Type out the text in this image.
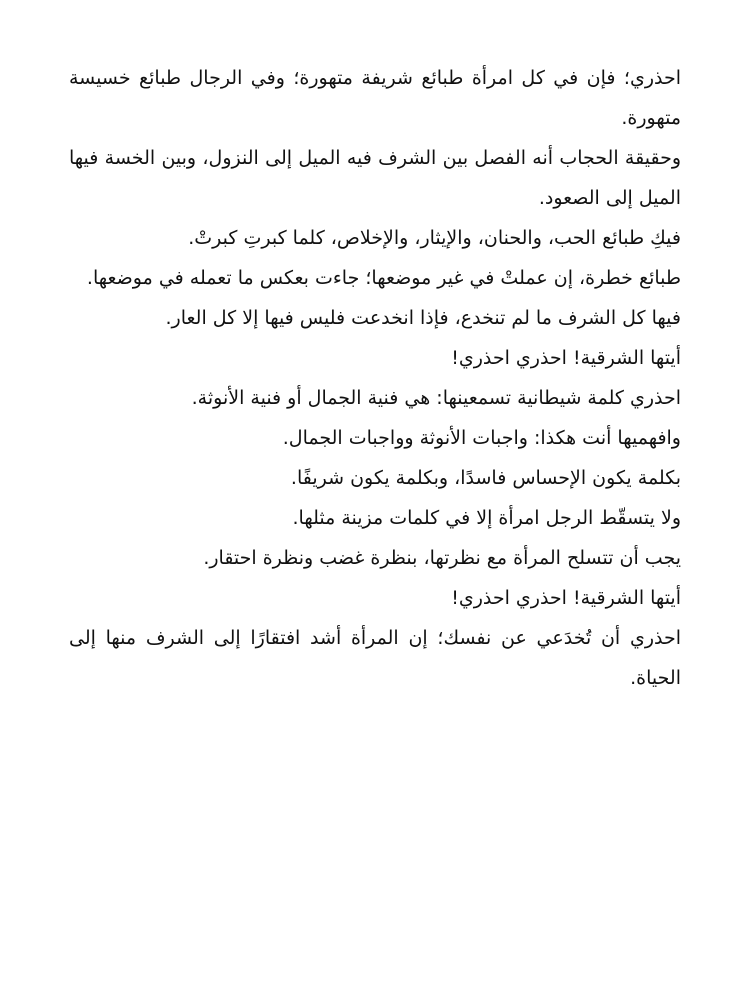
احذري؛ فإن في كل امرأة طبائع شريفة متهورة؛ وفي الرجال طبائع خسيسة متهورة.

وحقيقة الحجاب أنه الفصل بين الشرف فيه الميل إلى النزول، وبين الخسة فيها الميل إلى الصعود.

فيكِ طبائع الحب، والحنان، والإيثار، والإخلاص، كلما كبرتِ كبرتْ.

طبائع خطرة، إن عملتْ في غير موضعها؛ جاءت بعكس ما تعمله في موضعها.

فيها كل الشرف ما لم تنخدع، فإذا انخدعت فليس فيها إلا كل العار.

أيتها الشرقية! احذري احذري!

احذري كلمة شيطانية تسمعينها: هي فنية الجمال أو فنية الأنوثة.

وافهميها أنت هكذا: واجبات الأنوثة وواجبات الجمال.

بكلمة يكون الإحساس فاسدًا، وبكلمة يكون شريفًا.

ولا يتسقّط الرجل امرأة إلا في كلمات مزينة مثلها.

يجب أن تتسلح المرأة مع نظرتها، بنظرة غضب ونظرة احتقار.

أيتها الشرقية! احذري احذري!

احذري أن تُخدَعي عن نفسك؛ إن المرأة أشد افتقارًا إلى الشرف منها إلى الحياة.
